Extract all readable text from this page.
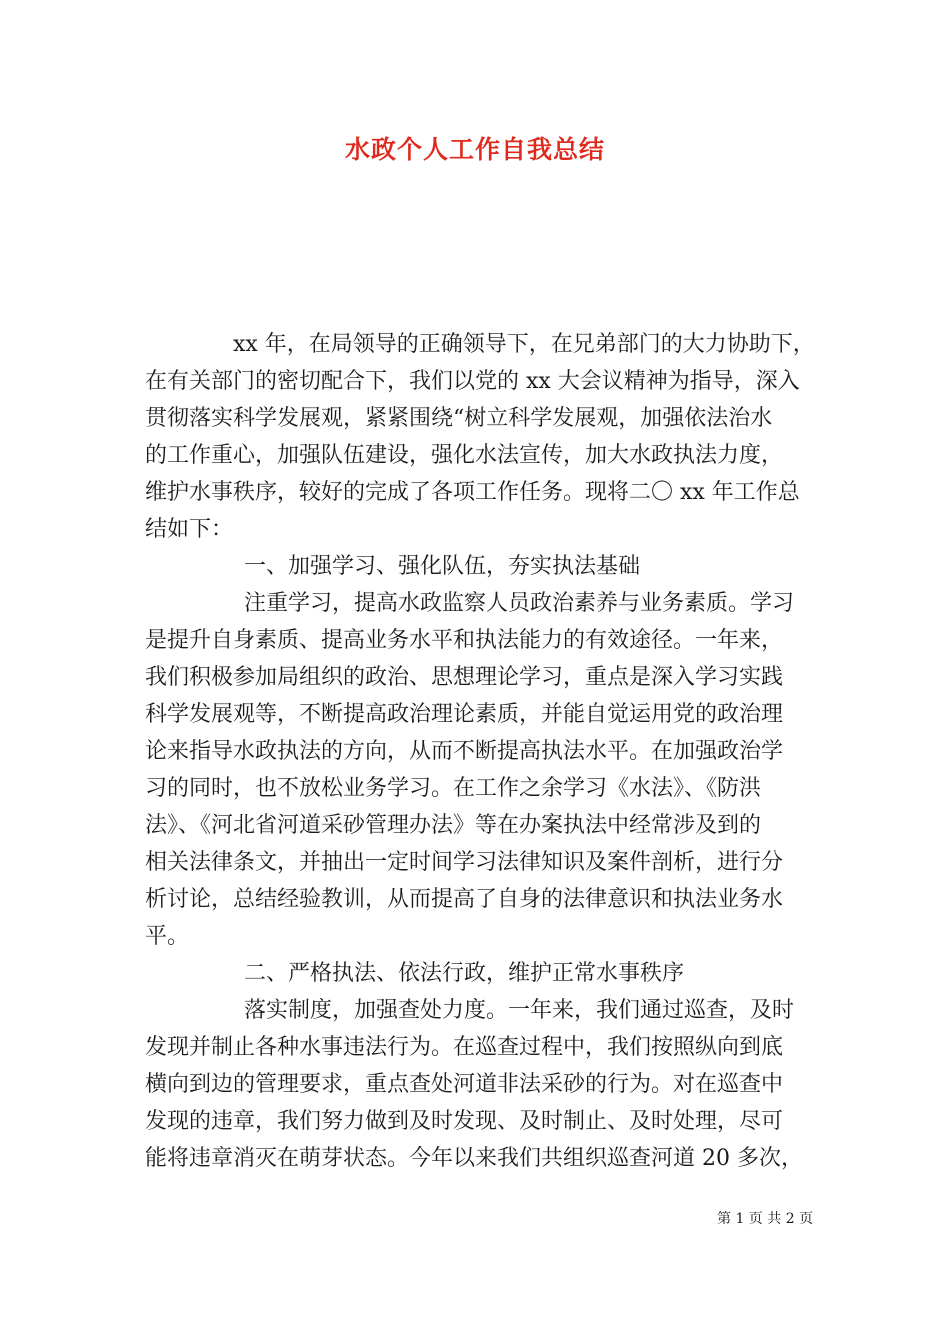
水政个人工作自我总结
xx 年，在局领导的正确领导下，在兄弟部门的大力协助下，
在有关部门的密切配合下，我们以党的 xx 大会议精神为指导，深入
贯彻落实科学发展观，紧紧围绕“树立科学发展观，加强依法治水
的工作重心，加强队伍建设，强化水法宣传，加大水政执法力度，
维护水事秩序，较好的完成了各项工作任务。现将二〇 xx 年工作总
结如下：
一、加强学习、强化队伍，夯实执法基础
注重学习，提高水政监察人员政治素养与业务素质。学习
是提升自身素质、提高业务水平和执法能力的有效途径。一年来，
我们积极参加局组织的政治、思想理论学习，重点是深入学习实践
科学发展观等，不断提高政治理论素质，并能自觉运用党的政治理
论来指导水政执法的方向，从而不断提高执法水平。在加强政治学
习的同时，也不放松业务学习。在工作之余学习《水法》、《防洪
法》、《河北省河道采砂管理办法》等在办案执法中经常涉及到的
相关法律条文，并抽出一定时间学习法律知识及案件剖析，进行分
析讨论，总结经验教训，从而提高了自身的法律意识和执法业务水
平。
二、严格执法、依法行政，维护正常水事秩序
落实制度，加强查处力度。一年来，我们通过巡查，及时
发现并制止各种水事违法行为。在巡查过程中，我们按照纵向到底
横向到边的管理要求，重点查处河道非法采砂的行为。对在巡查中
发现的违章，我们努力做到及时发现、及时制止、及时处理，尽可
能将违章消灭在萌芽状态。今年以来我们共组织巡查河道 20 多次，
第 1 页 共 2 页
